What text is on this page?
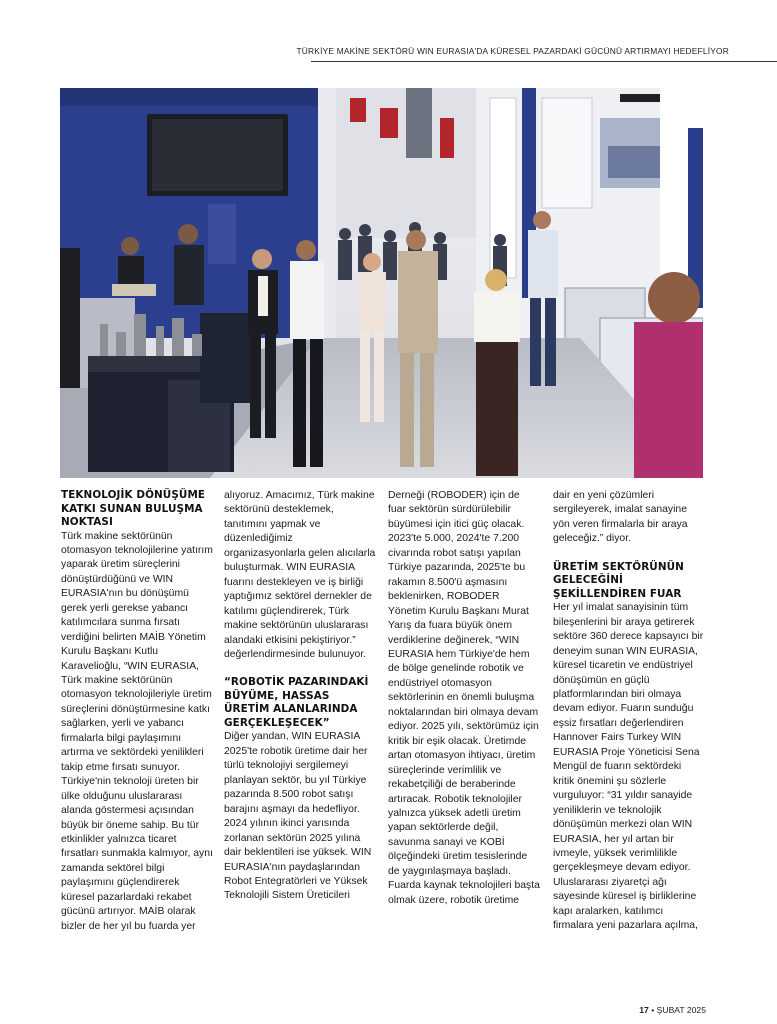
TÜRKİYE MAKİNE SEKTÖRÜ WIN EURASIA'DA KÜRESEL PAZARDAKİ GÜCÜNÜ ARTIRMAYI HEDEFLİYOR
TEKNOLOJİK DÖNÜŞÜME KATKI SUNAN BULUŞMA NOKTASI

Türk makine sektörünün otomasyon teknolojilerine yatırım yaparak üretim süreçlerini dönüştürdüğünü ve WIN EURASIA'nın bu dönüşümü gerek yerli gerekse yabancı katılımcılara sunma fırsatı verdiğini belirten MAİB Yönetim Kurulu Başkanı Kutlu Karavelioğlu, “WIN EURASIA, Türk makine sektörünün otomasyon teknolojileriyle üretim süreçlerini dönüştürmesine katkı sağlarken, yerli ve yabancı firmalarla bilgi paylaşımını artırma ve sektördeki yenilikleri takip etme fırsatı sunuyor. Türkiye'nin teknoloji üreten bir ülke olduğunu uluslararası alanda göstermesi açısından büyük bir öneme sahip. Bu tür etkinlikler yalnızca ticaret fırsatları sunmakla kalmıyor, aynı zamanda sektörel bilgi paylaşımını güçlendirerek küresel pazarlardaki rekabet gücünü artırıyor. MAİB olarak bizler de her yıl bu fuarda yer

alıyoruz. Amacımız, Türk makine sektörünü desteklemek, tanıtımını yapmak ve düzenlediğimiz organizasyonlarla gelen alıcılarla buluşturmak. WIN EURASIA fuarını destekleyen ve iş birliği yaptığımız sektörel dernekler de katılımı güçlendirerek, Türk makine sektörünün uluslararası alandaki etkisini pekiştiriyor.” değerlendirmesinde bulunuyor.

“ROBOTİK PAZARINDAKİ BÜYÜME, HASSAS ÜRETİM ALANLARINDA GERÇEKLEŞECEK”

Diğer yandan, WIN EURASIA 2025'te robotik üretime dair her türlü teknolojiyi sergilemeyi planlayan sektör, bu yıl Türkiye pazarında 8.500 robot satışı barajını aşmayı da hedefliyor. 2024 yılının ikinci yarısında zorlanan sektörün 2025 yılına dair beklentileri ise yüksek. WIN EURASIA'nın paydaşlarından Robot Entegratörleri ve Yüksek Teknolojili Sistem Üreticileri

Derneği (ROBODER) için de fuar sektörün sürdürülebilir büyümesi için itici güç olacak.

2023'te 5.000, 2024'te 7.200 civarında robot satışı yapılan Türkiye pazarında, 2025'te bu rakamın 8.500'ü aşmasını beklenirken, ROBODER Yönetim Kurulu Başkanı Murat Yarış da fuara büyük önem verdiklerine değinerek, “WIN EURASIA hem Türkiye'de hem de bölge genelinde robotik ve endüstriyel otomasyon sektörlerinin en önemli buluşma noktalarından biri olmaya devam ediyor. 2025 yılı, sektörümüz için kritik bir eşik olacak. Üretimde artan otomasyon ihtiyacı, üretim süreçlerinde verimlilik ve rekabetçiliği de beraberinde artıracak. Robotik teknolojiler yalnızca yüksek adetli üretim yapan sektörlerde değil, savunma sanayi ve KOBİ ölçeğindeki üretim tesislerinde de yaygınlaşmaya başladı. Fuarda kaynak teknolojileri başta olmak üzere, robotik üretime

dair en yeni çözümleri sergileyerek, imalat sanayine yön veren firmalarla bir araya geleceğiz.” diyor.

ÜRETİM SEKTÖRÜNÜN GELECEĞİNİ ŞEKİLLENDİREN FUAR

Her yıl imalat sanayisinin tüm bileşenlerini bir araya getirerek sektöre 360 derece kapsayıcı bir deneyim sunan WIN EURASIA, küresel ticaretin ve endüstriyel dönüşümün en güçlü platformlarından biri olmaya devam ediyor. Fuarın sunduğu eşsiz fırsatları değerlendiren Hannover Fairs Turkey WIN EURASIA Proje Yöneticisi Sena Mengül de fuarın sektördeki kritik önemini şu sözlerle vurguluyor: “31 yıldır sanayide yeniliklerin ve teknolojik dönüşümün merkezi olan WIN EURASIA, her yıl artan bir ivmeyle, yüksek verimlilikle gerçekleşmeye devam ediyor. Uluslararası ziyaretçi ağı sayesinde küresel iş birliklerine kapı aralarken, katılımcı firmalara yeni pazarlara açılma,

17 • ŞUBAT 2025
